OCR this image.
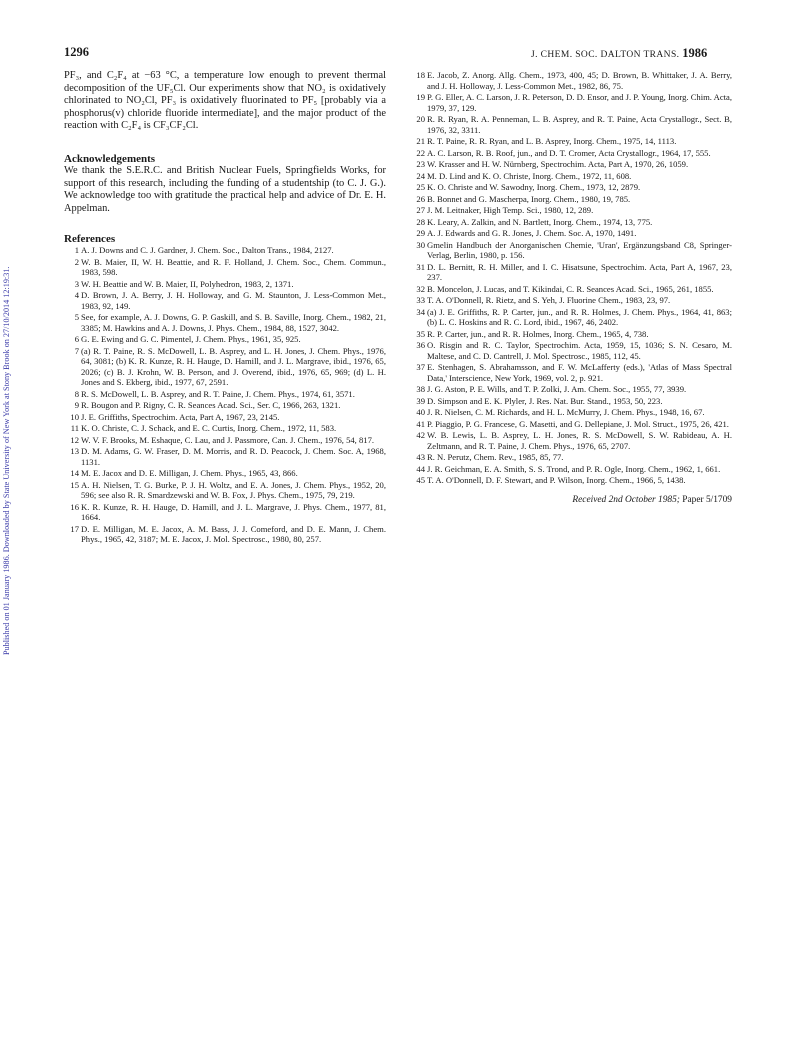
1296	J. CHEM. SOC. DALTON TRANS. 1986
Published on 01 January 1986. Downloaded by State University of New York at Stony Brook on 27/10/2014 12:19:31.

PF₃, and C₂F₄ at −63 °C, a temperature low enough to prevent thermal decomposition of the UF₅Cl. Our experiments show that NO₂ is oxidatively chlorinated to NO₂Cl, PF₃ is oxidatively fluorinated to PF₅ [probably via a phosphorus(v) chloride fluoride intermediate], and the major product of the reaction with C₂F₄ is CF₃CF₂Cl.

Acknowledgements

We thank the S.E.R.C. and British Nuclear Fuels, Springfields Works, for support of this research, including the funding of a studentship (to C. J. G.). We acknowledge too with gratitude the practical help and advice of Dr. E. H. Appelman.

References
1 A. J. Downs and C. J. Gardner, J. Chem. Soc., Dalton Trans., 1984, 2127.
2 W. B. Maier, II, W. H. Beattie, and R. F. Holland, J. Chem. Soc., Chem. Commun., 1983, 598.
3 W. H. Beattie and W. B. Maier, II, Polyhedron, 1983, 2, 1371.
4 D. Brown, J. A. Berry, J. H. Holloway, and G. M. Staunton, J. Less-Common Met., 1983, 92, 149.
5 See, for example, A. J. Downs, G. P. Gaskill, and S. B. Saville, Inorg. Chem., 1982, 21, 3385; M. Hawkins and A. J. Downs, J. Phys. Chem., 1984, 88, 1527, 3042.
6 G. E. Ewing and G. C. Pimentel, J. Chem. Phys., 1961, 35, 925.
7 (a) R. T. Paine, R. S. McDowell, L. B. Asprey, and L. H. Jones, J. Chem. Phys., 1976, 64, 3081; (b) K. R. Kunze, R. H. Hauge, D. Hamill, and J. L. Margrave, ibid., 1976, 65, 2026; (c) B. J. Krohn, W. B. Person, and J. Overend, ibid., 1976, 65, 969; (d) L. H. Jones and S. Ekberg, ibid., 1977, 67, 2591.
8 R. S. McDowell, L. B. Asprey, and R. T. Paine, J. Chem. Phys., 1974, 61, 3571.
9 R. Bougon and P. Rigny, C. R. Seances Acad. Sci., Ser. C, 1966, 263, 1321.
10 J. E. Griffiths, Spectrochim. Acta, Part A, 1967, 23, 2145.
11 K. O. Christe, C. J. Schack, and E. C. Curtis, Inorg. Chem., 1972, 11, 583.
12 W. V. F. Brooks, M. Eshaque, C. Lau, and J. Passmore, Can. J. Chem., 1976, 54, 817.
13 D. M. Adams, G. W. Fraser, D. M. Morris, and R. D. Peacock, J. Chem. Soc. A, 1968, 1131.
14 M. E. Jacox and D. E. Milligan, J. Chem. Phys., 1965, 43, 866.
15 A. H. Nielsen, T. G. Burke, P. J. H. Woltz, and E. A. Jones, J. Chem. Phys., 1952, 20, 596; see also R. R. Smardzewski and W. B. Fox, J. Phys. Chem., 1975, 79, 219.
16 K. R. Kunze, R. H. Hauge, D. Hamill, and J. L. Margrave, J. Phys. Chem., 1977, 81, 1664.
17 D. E. Milligan, M. E. Jacox, A. M. Bass, J. J. Comeford, and D. E. Mann, J. Chem. Phys., 1965, 42, 3187; M. E. Jacox, J. Mol. Spectrosc., 1980, 80, 257.
18 E. Jacob, Z. Anorg. Allg. Chem., 1973, 400, 45; D. Brown, B. Whittaker, J. A. Berry, and J. H. Holloway, J. Less-Common Met., 1982, 86, 75.
19 P. G. Eller, A. C. Larson, J. R. Peterson, D. D. Ensor, and J. P. Young, Inorg. Chim. Acta, 1979, 37, 129.
20 R. R. Ryan, R. A. Penneman, L. B. Asprey, and R. T. Paine, Acta Crystallogr., Sect. B, 1976, 32, 3311.
21 R. T. Paine, R. R. Ryan, and L. B. Asprey, Inorg. Chem., 1975, 14, 1113.
22 A. C. Larson, R. B. Roof, jun., and D. T. Cromer, Acta Crystallogr., 1964, 17, 555.
23 W. Krasser and H. W. Nürnberg, Spectrochim. Acta, Part A, 1970, 26, 1059.
24 M. D. Lind and K. O. Christe, Inorg. Chem., 1972, 11, 608.
25 K. O. Christe and W. Sawodny, Inorg. Chem., 1973, 12, 2879.
26 B. Bonnet and G. Mascherpa, Inorg. Chem., 1980, 19, 785.
27 J. M. Leitnaker, High Temp. Sci., 1980, 12, 289.
28 K. Leary, A. Zalkin, and N. Bartlett, Inorg. Chem., 1974, 13, 775.
29 A. J. Edwards and G. R. Jones, J. Chem. Soc. A, 1970, 1491.
30 Gmelin Handbuch der Anorganischen Chemie, 'Uran', Ergänzungsband C8, Springer-Verlag, Berlin, 1980, p. 156.
31 D. L. Bernitt, R. H. Miller, and I. C. Hisatsune, Spectrochim. Acta, Part A, 1967, 23, 237.
32 B. Moncelon, J. Lucas, and T. Kikindai, C. R. Seances Acad. Sci., 1965, 261, 1855.
33 T. A. O'Donnell, R. Rietz, and S. Yeh, J. Fluorine Chem., 1983, 23, 97.
34 (a) J. E. Griffiths, R. P. Carter, jun., and R. R. Holmes, J. Chem. Phys., 1964, 41, 863; (b) L. C. Hoskins and R. C. Lord, ibid., 1967, 46, 2402.
35 R. P. Carter, jun., and R. R. Holmes, Inorg. Chem., 1965, 4, 738.
36 O. Risgin and R. C. Taylor, Spectrochim. Acta, 1959, 15, 1036; S. N. Cesaro, M. Maltese, and C. D. Cantrell, J. Mol. Spectrosc., 1985, 112, 45.
37 E. Stenhagen, S. Abrahamsson, and F. W. McLafferty (eds.), 'Atlas of Mass Spectral Data,' Interscience, New York, 1969, vol. 2, p. 921.
38 J. G. Aston, P. E. Wills, and T. P. Zolki, J. Am. Chem. Soc., 1955, 77, 3939.
39 D. Simpson and E. K. Plyler, J. Res. Nat. Bur. Stand., 1953, 50, 223.
40 J. R. Nielsen, C. M. Richards, and H. L. McMurry, J. Chem. Phys., 1948, 16, 67.
41 P. Piaggio, P. G. Francese, G. Masetti, and G. Dellepiane, J. Mol. Struct., 1975, 26, 421.
42 W. B. Lewis, L. B. Asprey, L. H. Jones, R. S. McDowell, S. W. Rabideau, A. H. Zeltmann, and R. T. Paine, J. Chem. Phys., 1976, 65, 2707.
43 R. N. Perutz, Chem. Rev., 1985, 85, 77.
44 J. R. Geichman, E. A. Smith, S. S. Trond, and P. R. Ogle, Inorg. Chem., 1962, 1, 661.
45 T. A. O'Donnell, D. F. Stewart, and P. Wilson, Inorg. Chem., 1966, 5, 1438.
Received 2nd October 1985; Paper 5/1709
